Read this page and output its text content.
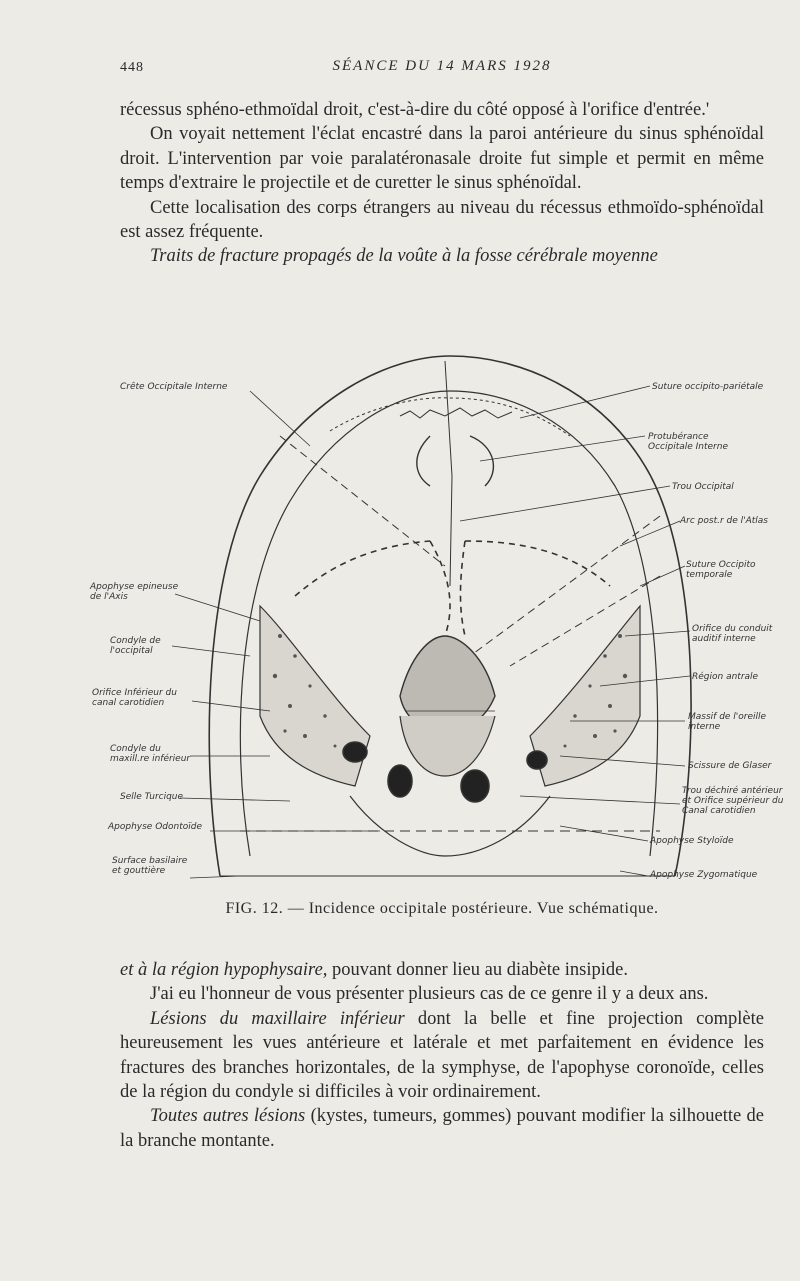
448	SÉANCE DU 14 MARS 1928

récessus sphéno-ethmoïdal droit, c'est-à-dire du côté opposé à l'orifice d'entrée.'

On voyait nettement l'éclat encastré dans la paroi antérieure du sinus sphénoïdal droit. L'intervention par voie paralatéronasale droite fut simple et permit en même temps d'extraire le projectile et de curetter le sinus sphénoïdal.

Cette localisation des corps étrangers au niveau du récessus ethmoïdo-sphénoïdal est assez fréquente.

Traits de fracture propagés de la voûte à la fosse cérébrale moyenne

Crête Occipitale Interne
Apophyse epineuse de l'Axis
Condyle de l'occipital
Orifice Inférieur du canal carotidien
Condyle du maxill.re inférieur
Selle Turcique
Apophyse Odontoïde
Surface basilaire et gouttière
Suture occipito-pariétale
Protubérance Occipitale Interne
Trou Occipital
Arc post.r de l'Atlas
Suture Occipito temporale
Orifice du conduit auditif interne
Région antrale
Massif de l'oreille interne
Scissure de Glaser
Trou déchiré antérieur et Orifice supérieur du Canal carotidien
Apophyse Styloïde
Apophyse Zygomatique
FIG. 12. — Incidence occipitale postérieure. Vue schématique.

et à la région hypophysaire, pouvant donner lieu au diabète insipide.

J'ai eu l'honneur de vous présenter plusieurs cas de ce genre il y a deux ans.

Lésions du maxillaire inférieur dont la belle et fine projection complète heureusement les vues antérieure et latérale et met parfaitement en évidence les fractures des branches horizontales, de la symphyse, de l'apophyse coronoïde, celles de la région du condyle si difficiles à voir ordinairement.

Toutes autres lésions (kystes, tumeurs, gommes) pouvant modifier la silhouette de la branche montante.
